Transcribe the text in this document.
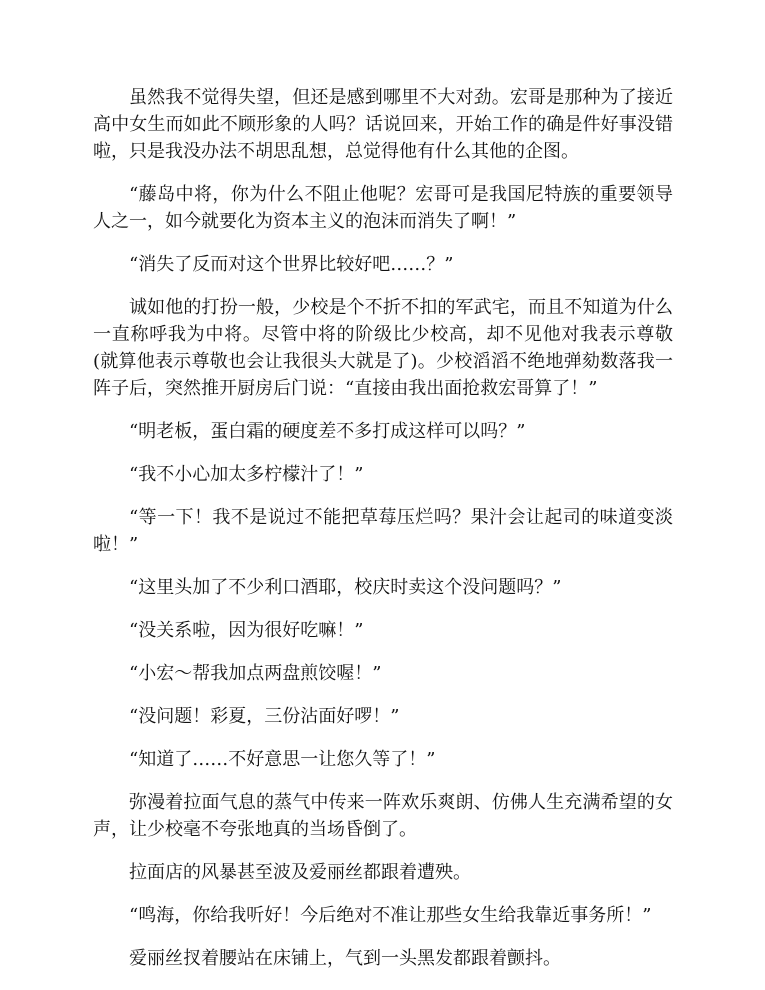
虽然我不觉得失望，但还是感到哪里不大对劲。宏哥是那种为了接近高中女生而如此不顾形象的人吗？话说回来，开始工作的确是件好事没错啦，只是我没办法不胡思乱想，总觉得他有什么其他的企图。

“藤岛中将，你为什么不阻止他呢？宏哥可是我国尼特族的重要领导人之一，如今就要化为资本主义的泡沫而消失了啊！”

“消失了反而对这个世界比较好吧……？”

诚如他的打扮一般，少校是个不折不扣的军武宅，而且不知道为什么一直称呼我为中将。尽管中将的阶级比少校高，却不见他对我表示尊敬(就算他表示尊敬也会让我很头大就是了)。少校滔滔不绝地弹劾数落我一阵子后，突然推开厨房后门说：“直接由我出面抢救宏哥算了！”

“明老板，蛋白霜的硬度差不多打成这样可以吗？”

“我不小心加太多柠檬汁了！”

“等一下！我不是说过不能把草莓压烂吗？果汁会让起司的味道变淡啦！”

“这里头加了不少利口酒耶，校庆时卖这个没问题吗？”

“没关系啦，因为很好吃嘛！”

“小宏～帮我加点两盘煎饺喔！”

“没问题！彩夏，三份沾面好啰！”

“知道了……不好意思一让您久等了！”

弥漫着拉面气息的蒸气中传来一阵欢乐爽朗、仿佛人生充满希望的女声，让少校毫不夸张地真的当场昏倒了。

拉面店的风暴甚至波及爱丽丝都跟着遭殃。

“鸣海，你给我听好！今后绝对不准让那些女生给我靠近事务所！”

爱丽丝扠着腰站在床铺上，气到一头黑发都跟着颤抖。
